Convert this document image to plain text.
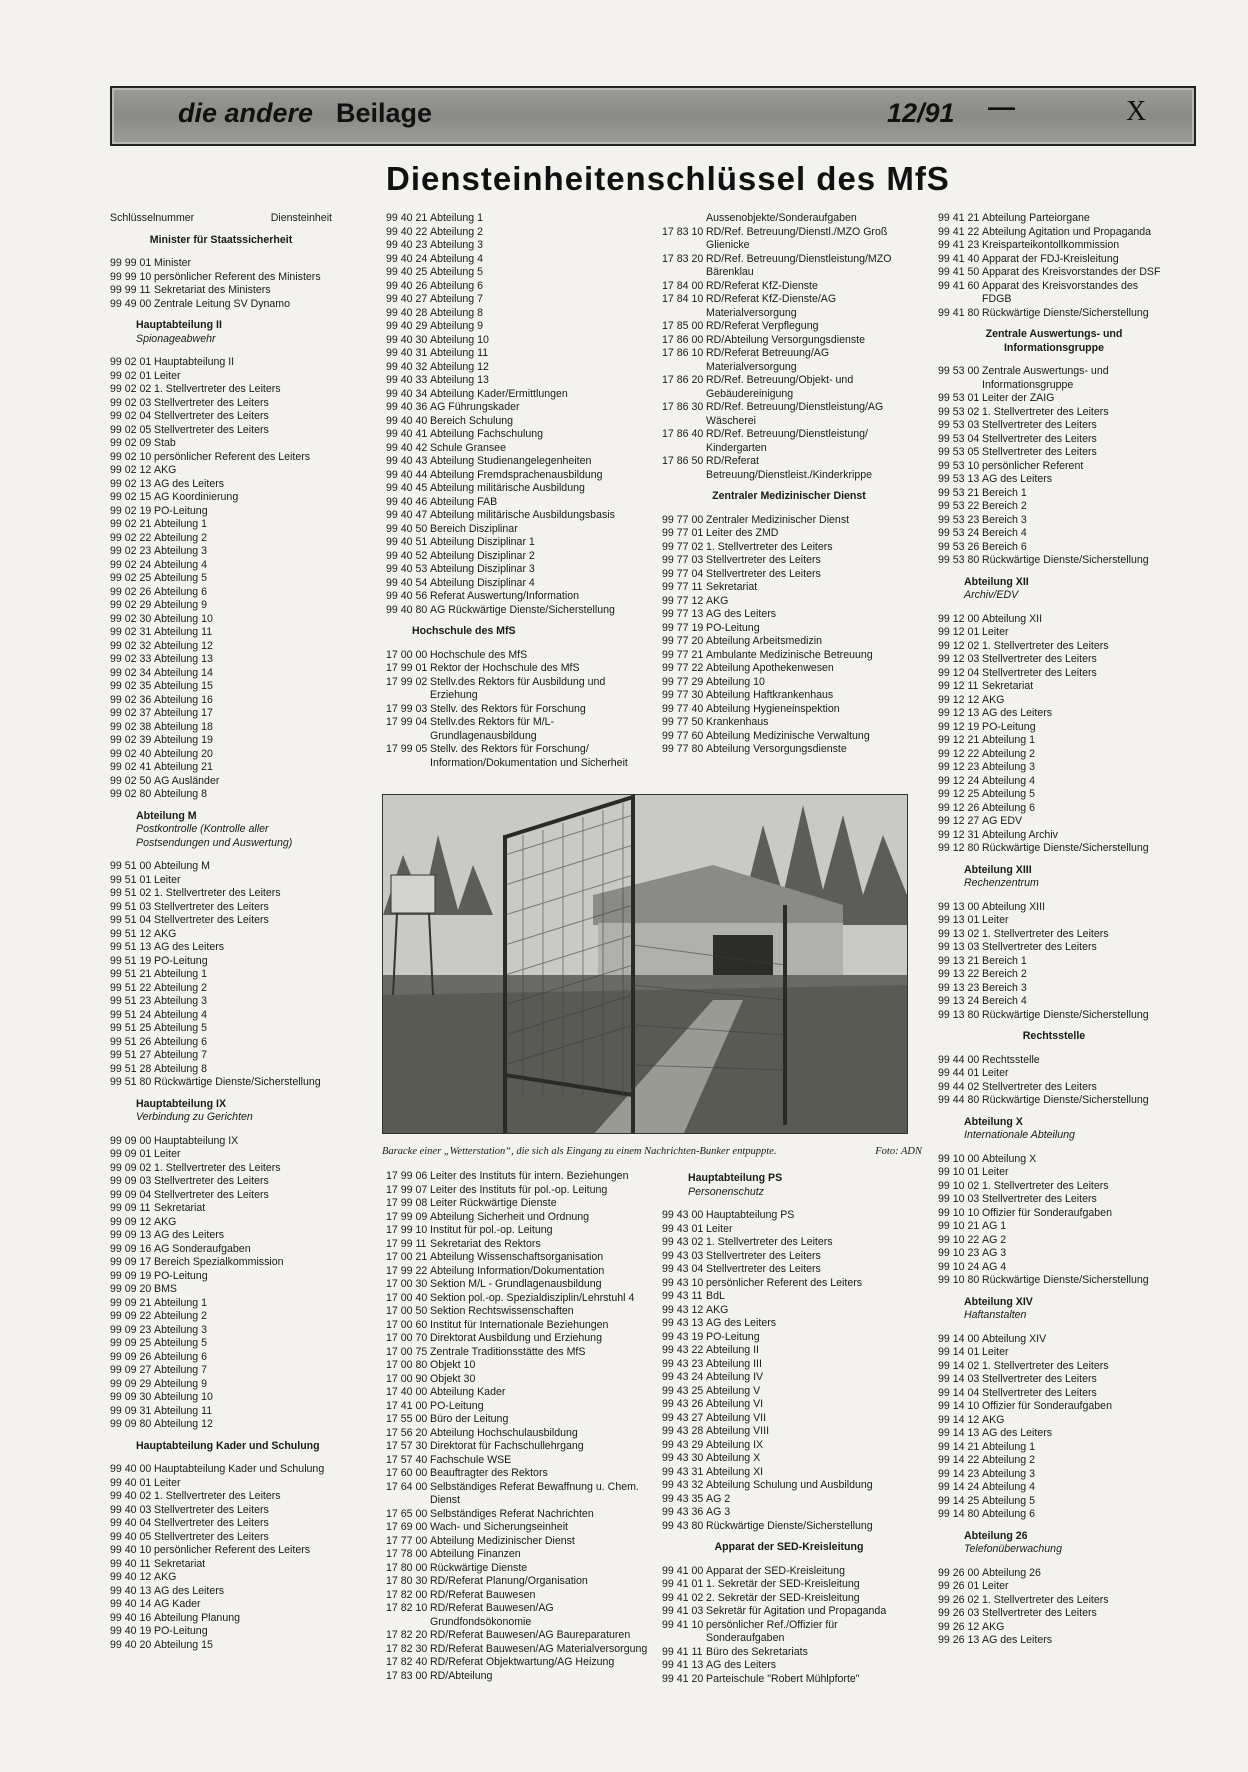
die andere Beilage	12/91 —	X
Diensteinheitenschlüssel des MfS
Schlüsselnummer	Diensteinheit
Minister für Staatssicherheit
99 99 01 Minister
99 99 10 persönlicher Referent des Ministers
99 99 11 Sekretariat des Ministers
99 49 00 Zentrale Leitung SV Dynamo
Hauptabteilung II
Spionageabwehr
99 02 01 Hauptabteilung II
99 02 01 Leiter
99 02 02 1. Stellvertreter des Leiters
99 02 03 Stellvertreter des Leiters
99 02 04 Stellvertreter des Leiters
99 02 05 Stellvertreter des Leiters
99 02 09 Stab
99 02 10 persönlicher Referent des Leiters
99 02 12 AKG
99 02 13 AG des Leiters
99 02 15 AG Koordinierung
99 02 19 PO-Leitung
99 02 21 Abteilung 1
99 02 22 Abteilung 2
99 02 23 Abteilung 3
99 02 24 Abteilung 4
99 02 25 Abteilung 5
99 02 26 Abteilung 6
99 02 29 Abteilung 9
99 02 30 Abteilung 10
99 02 31 Abteilung 11
99 02 32 Abteilung 12
99 02 33 Abteilung 13
99 02 34 Abteilung 14
99 02 35 Abteilung 15
99 02 36 Abteilung 16
99 02 37 Abteilung 17
99 02 38 Abteilung 18
99 02 39 Abteilung 19
99 02 40 Abteilung 20
99 02 41 Abteilung 21
99 02 50 AG Ausländer
99 02 80 Abteilung 8
Abteilung M
Postkontrolle (Kontrolle aller Postsendungen und Auswertung)
99 51 00 Abteilung M
99 51 01 Leiter
99 51 02 1. Stellvertreter des Leiters
99 51 03 Stellvertreter des Leiters
99 51 04 Stellvertreter des Leiters
99 51 12 AKG
99 51 13 AG des Leiters
99 51 19 PO-Leitung
99 51 21 Abteilung 1
99 51 22 Abteilung 2
99 51 23 Abteilung 3
99 51 24 Abteilung 4
99 51 25 Abteilung 5
99 51 26 Abteilung 6
99 51 27 Abteilung 7
99 51 28 Abteilung 8
99 51 80 Rückwärtige Dienste/Sicherstellung
Hauptabteilung IX
Verbindung zu Gerichten
99 09 00 Hauptabteilung IX
99 09 01 Leiter
99 09 02 1. Stellvertreter des Leiters
99 09 03 Stellvertreter des Leiters
99 09 04 Stellvertreter des Leiters
99 09 11 Sekretariat
99 09 12 AKG
99 09 13 AG des Leiters
99 09 16 AG Sonderaufgaben
99 09 17 Bereich Spezialkommission
99 09 19 PO-Leitung
99 09 20 BMS
99 09 21 Abteilung 1
99 09 22 Abteilung 2
99 09 23 Abteilung 3
99 09 25 Abteilung 5
99 09 26 Abteilung 6
99 09 27 Abteilung 7
99 09 29 Abteilung 9
99 09 30 Abteilung 10
99 09 31 Abteilung 11
99 09 80 Abteilung 12
Hauptabteilung Kader und Schulung
99 40 00 Hauptabteilung Kader und Schulung
99 40 01 Leiter
99 40 02 1. Stellvertreter des Leiters
99 40 03 Stellvertreter des Leiters
99 40 04 Stellvertreter des Leiters
99 40 05 Stellvertreter des Leiters
99 40 10 persönlicher Referent des Leiters
99 40 11 Sekretariat
99 40 12 AKG
99 40 13 AG des Leiters
99 40 14 AG Kader
99 40 16 Abteilung Planung
99 40 19 PO-Leitung
99 40 20 Abteilung 15
99 40 21 Abteilung 1
99 40 22 Abteilung 2
99 40 23 Abteilung 3
99 40 24 Abteilung 4
99 40 25 Abteilung 5
99 40 26 Abteilung 6
99 40 27 Abteilung 7
99 40 28 Abteilung 8
99 40 29 Abteilung 9
99 40 30 Abteilung 10
99 40 31 Abteilung 11
99 40 32 Abteilung 12
99 40 33 Abteilung 13
99 40 34 Abteilung Kader/Ermittlungen
99 40 36 AG Führungskader
99 40 40 Bereich Schulung
99 40 41 Abteilung Fachschulung
99 40 42 Schule Gransee
99 40 43 Abteilung Studienangelegenheiten
99 40 44 Abteilung Fremdsprachenausbildung
99 40 45 Abteilung militärische Ausbildung
99 40 46 Abteilung FAB
99 40 47 Abteilung militärische Ausbildungsbasis
99 40 50 Bereich Disziplinar
99 40 51 Abteilung Disziplinar 1
99 40 52 Abteilung Disziplinar 2
99 40 53 Abteilung Disziplinar 3
99 40 54 Abteilung Disziplinar 4
99 40 56 Referat Auswertung/Information
99 40 80 AG Rückwärtige Dienste/Sicherstellung
Hochschule des MfS
17 00 00 Hochschule des MfS
17 99 01 Rektor der Hochschule des MfS
17 99 02 Stellv.des Rektors für Ausbildung und Erziehung
17 99 03 Stellv. des Rektors für Forschung
17 99 04 Stellv.des Rektors für M/L-Grundlagenausbildung
17 99 05 Stellv. des Rektors für Forschung/ Information/Dokumentation und Sicherheit
Aussenobjekte/Sonderaufgaben
17 83 10 RD/Ref. Betreuung/Dienstl./MZO Groß Glienicke
17 83 20 RD/Ref. Betreuung/Dienstleistung/MZO Bärenklau
17 84 00 RD/Referat KfZ-Dienste
17 84 10 RD/Referat KfZ-Dienste/AG Materialversorgung
17 85 00 RD/Referat Verpflegung
17 86 00 RD/Abteilung Versorgungsdienste
17 86 10 RD/Referat Betreuung/AG Materialversorgung
17 86 20 RD/Ref. Betreuung/Objekt- und Gebäudereinigung
17 86 30 RD/Ref. Betreuung/Dienstleistung/AG Wäscherei
17 86 40 RD/Ref. Betreuung/Dienstleistung/ Kindergarten
17 86 50 RD/Referat Betreuung/Dienstleist./Kinderkrippe
Zentraler Medizinischer Dienst
99 77 00 Zentraler Medizinischer Dienst
99 77 01 Leiter des ZMD
99 77 02 1. Stellvertreter des Leiters
99 77 03 Stellvertreter des Leiters
99 77 04 Stellvertreter des Leiters
99 77 11 Sekretariat
99 77 12 AKG
99 77 13 AG des Leiters
99 77 19 PO-Leitung
99 77 20 Abteilung Arbeitsmedizin
99 77 21 Ambulante Medizinische Betreuung
99 77 22 Abteilung Apothekenwesen
99 77 29 Abteilung 10
99 77 30 Abteilung Haftkrankenhaus
99 77 40 Abteilung Hygieneinspektion
99 77 50 Krankenhaus
99 77 60 Abteilung Medizinische Verwaltung
99 77 80 Abteilung Versorgungsdienste
99 41 21 Abteilung Parteiorgane
99 41 22 Abteilung Agitation und Propaganda
99 41 23 Kreisparteikontollkommission
99 41 40 Apparat der FDJ-Kreisleitung
99 41 50 Apparat des Kreisvorstandes der DSF
99 41 60 Apparat des Kreisvorstandes des FDGB
99 41 80 Rückwärtige Dienste/Sicherstellung
Zentrale Auswertungs- und Informationsgruppe
99 53 00 Zentrale Auswertungs- und Informationsgruppe
99 53 01 Leiter der ZAIG
99 53 02 1. Stellvertreter des Leiters
99 53 03 Stellvertreter des Leiters
99 53 04 Stellvertreter des Leiters
99 53 05 Stellvertreter des Leiters
99 53 10 persönlicher Referent
99 53 13 AG des Leiters
99 53 21 Bereich 1
99 53 22 Bereich 2
99 53 23 Bereich 3
99 53 24 Bereich 4
99 53 26 Bereich 6
99 53 80 Rückwärtige Dienste/Sicherstellung
Abteilung XII
Archiv/EDV
99 12 00 Abteilung XII
99 12 01 Leiter
99 12 02 1. Stellvertreter des Leiters
99 12 03 Stellvertreter des Leiters
99 12 04 Stellvertreter des Leiters
99 12 11 Sekretariat
99 12 12 AKG
99 12 13 AG des Leiters
99 12 19 PO-Leitung
99 12 21 Abteilung 1
99 12 22 Abteilung 2
99 12 23 Abteilung 3
99 12 24 Abteilung 4
99 12 25 Abteilung 5
99 12 26 Abteilung 6
99 12 27 AG EDV
99 12 31 Abteilung Archiv
99 12 80 Rückwärtige Dienste/Sicherstellung
Abteilung XIII
Rechenzentrum
99 13 00 Abteilung XIII
99 13 01 Leiter
99 13 02 1. Stellvertreter des Leiters
99 13 03 Stellvertreter des Leiters
99 13 21 Bereich 1
99 13 22 Bereich 2
99 13 23 Bereich 3
99 13 24 Bereich 4
99 13 80 Rückwärtige Dienste/Sicherstellung
Rechtsstelle
99 44 00 Rechtsstelle
99 44 01 Leiter
99 44 02 Stellvertreter des Leiters
99 44 80 Rückwärtige Dienste/Sicherstellung
Abteilung X
Internationale Abteilung
99 10 00 Abteilung X
99 10 01 Leiter
99 10 02 1. Stellvertreter des Leiters
99 10 03 Stellvertreter des Leiters
99 10 10 Offizier für Sonderaufgaben
99 10 21 AG 1
99 10 22 AG 2
99 10 23 AG 3
99 10 24 AG 4
99 10 80 Rückwärtige Dienste/Sicherstellung
Abteilung XIV
Haftanstalten
99 14 00 Abteilung XIV
99 14 01 Leiter
99 14 02 1. Stellvertreter des Leiters
99 14 03 Stellvertreter des Leiters
99 14 04 Stellvertreter des Leiters
99 14 10 Offizier für Sonderaufgaben
99 14 12 AKG
99 14 13 AG des Leiters
99 14 21 Abteilung 1
99 14 22 Abteilung 2
99 14 23 Abteilung 3
99 14 24 Abteilung 4
99 14 25 Abteilung 5
99 14 80 Abteilung 6
Abteilung 26
Telefonüberwachung
99 26 00 Abteilung 26
99 26 01 Leiter
99 26 02 1. Stellvertreter des Leiters
99 26 03 Stellvertreter des Leiters
99 26 12 AKG
99 26 13 AG des Leiters
17 99 06 Leiter des Instituts für intern. Beziehungen
17 99 07 Leiter des Instituts für pol.-op. Leitung
17 99 08 Leiter Rückwärtige Dienste
17 99 09 Abteilung Sicherheit und Ordnung
17 99 10 Institut für pol.-op. Leitung
17 99 11 Sekretariat des Rektors
17 00 21 Abteilung Wissenschaftsorganisation
17 99 22 Abteilung Information/Dokumentation
17 00 30 Sektion M/L - Grundlagenausbildung
17 00 40 Sektion pol.-op. Spezialdisziplin/Lehrstuhl 4
17 00 50 Sektion Rechtswissenschaften
17 00 60 Institut für Internationale Beziehungen
17 00 70 Direktorat Ausbildung und Erziehung
17 00 75 Zentrale Traditionsstätte des MfS
17 00 80 Objekt 10
17 00 90 Objekt 30
17 40 00 Abteilung Kader
17 41 00 PO-Leitung
17 55 00 Büro der Leitung
17 56 20 Abteilung Hochschulausbildung
17 57 30 Direktorat für Fachschullehrgang
17 57 40 Fachschule WSE
17 60 00 Beauftragter des Rektors
17 64 00 Selbständiges Referat Bewaffnung u. Chem. Dienst
17 65 00 Selbständiges Referat Nachrichten
17 69 00 Wach- und Sicherungseinheit
17 77 00 Abteilung Medizinischer Dienst
17 78 00 Abteilung Finanzen
17 80 00 Rückwärtige Dienste
17 80 30 RD/Referat Planung/Organisation
17 82 00 RD/Referat Bauwesen
17 82 10 RD/Referat Bauwesen/AG Grundfondsökonomie
17 82 20 RD/Referat Bauwesen/AG Baureparaturen
17 82 30 RD/Referat Bauwesen/AG Materialversorgung
17 82 40 RD/Referat Objektwartung/AG Heizung
17 83 00 RD/Abteilung
Hauptabteilung PS
Personenschutz
99 43 00 Hauptabteilung PS
99 43 01 Leiter
99 43 02 1. Stellvertreter des Leiters
99 43 03 Stellvertreter des Leiters
99 43 04 Stellvertreter des Leiters
99 43 10 persönlicher Referent des Leiters
99 43 11 BdL
99 43 12 AKG
99 43 13 AG des Leiters
99 43 19 PO-Leitung
99 43 22 Abteilung II
99 43 23 Abteilung III
99 43 24 Abteilung IV
99 43 25 Abteilung V
99 43 26 Abteilung VI
99 43 27 Abteilung VII
99 43 28 Abteilung VIII
99 43 29 Abteilung IX
99 43 30 Abteilung X
99 43 31 Abteilung XI
99 43 32 Abteilung Schulung und Ausbildung
99 43 35 AG 2
99 43 36 AG 3
99 43 80 Rückwärtige Dienste/Sicherstellung
Apparat der SED-Kreisleitung
99 41 00 Apparat der SED-Kreisleitung
99 41 01 1. Sekretär der SED-Kreisleitung
99 41 02 2. Sekretär der SED-Kreisleitung
99 41 03 Sekretär für Agitation und Propaganda
99 41 10 persönlicher Ref./Offizier für Sonderaufgaben
99 41 11 Büro des Sekretariats
99 41 13 AG des Leiters
99 41 20 Parteischule "Robert Mühlpforte"
Baracke einer „Wetterstation“, die sich als Eingang zu einem Nachrichten-Bunker entpuppte.	Foto: ADN
